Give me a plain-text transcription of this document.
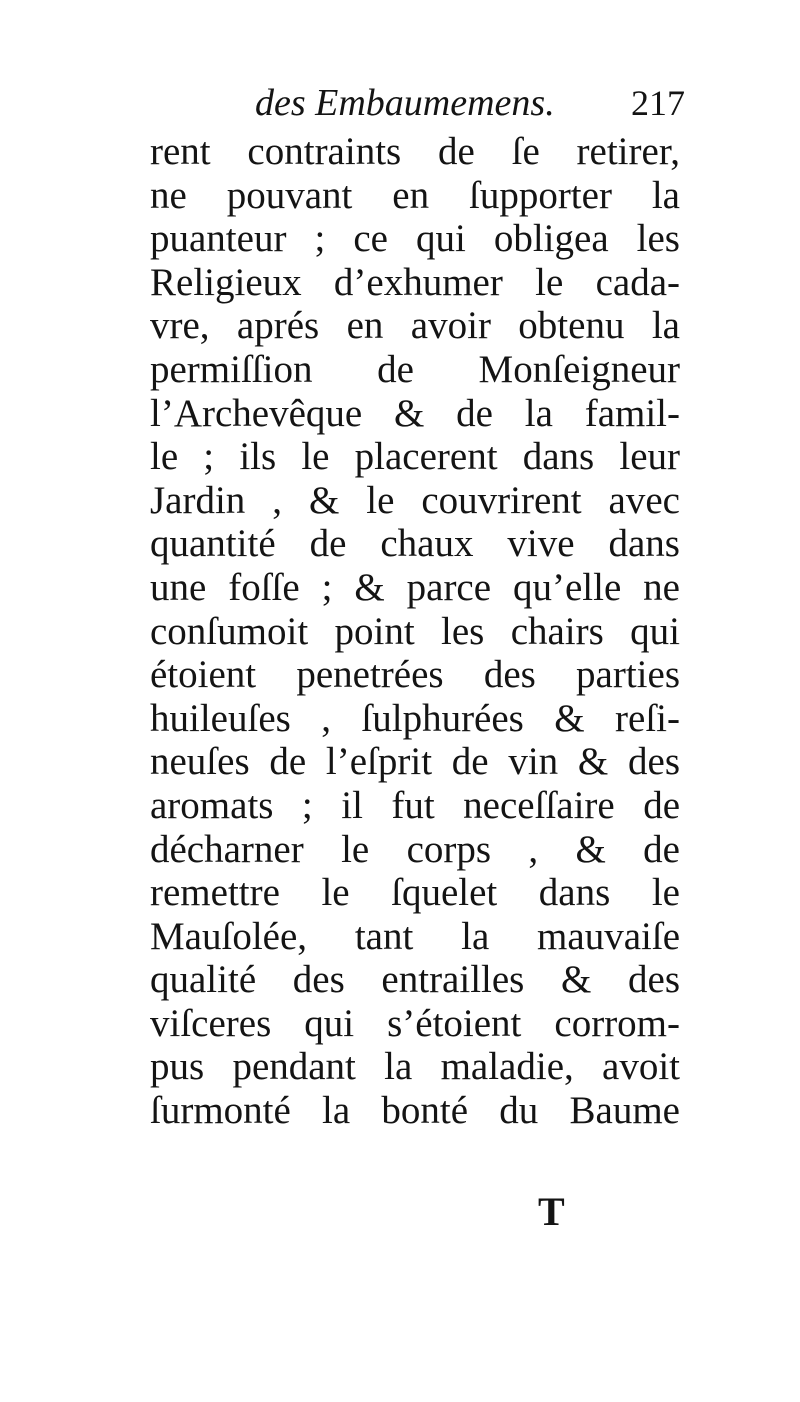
des Embaumemens. 217
rent contraints de ſe retirer,
ne pouvant en ſupporter la
puanteur ; ce qui obligea les
Religieux d’exhumer le cada-
vre, aprés en avoir obtenu la
permiſſion de Monſeigneur
l’Archevêque & de la famil-
le ; ils le placerent dans leur
Jardin , & le couvrirent avec
quantité de chaux vive dans
une foſſe ; & parce qu’elle ne
conſumoit point les chairs qui
étoient penetrées des parties
huileuſes , ſulphurées & reſi-
neuſes de l’eſprit de vin & des
aromats ; il fut neceſſaire de
décharner le corps , & de
remettre le ſquelet dans le
Mauſolée, tant la mauvaiſe
qualité des entrailles & des
viſceres qui s’étoient corrom-
pus pendant la maladie, avoit
ſurmonté la bonté du Baume
T
